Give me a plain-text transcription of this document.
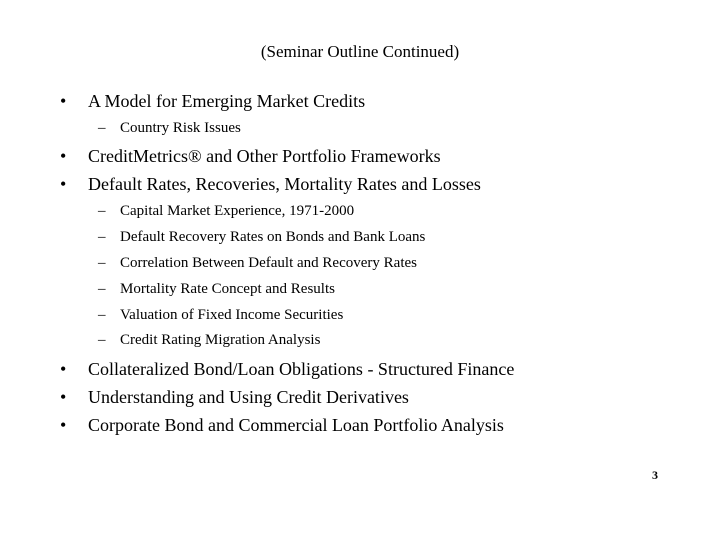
(Seminar Outline Continued)
• A Model for Emerging Market Credits
– Country Risk Issues
• CreditMetrics® and Other Portfolio Frameworks
• Default Rates, Recoveries, Mortality Rates and Losses
– Capital Market Experience, 1971-2000
– Default Recovery Rates on Bonds and Bank Loans
– Correlation Between Default and Recovery Rates
– Mortality Rate Concept and Results
– Valuation of Fixed Income Securities
– Credit Rating Migration Analysis
• Collateralized Bond/Loan Obligations - Structured Finance
• Understanding and Using Credit Derivatives
• Corporate Bond and Commercial Loan Portfolio Analysis
3
